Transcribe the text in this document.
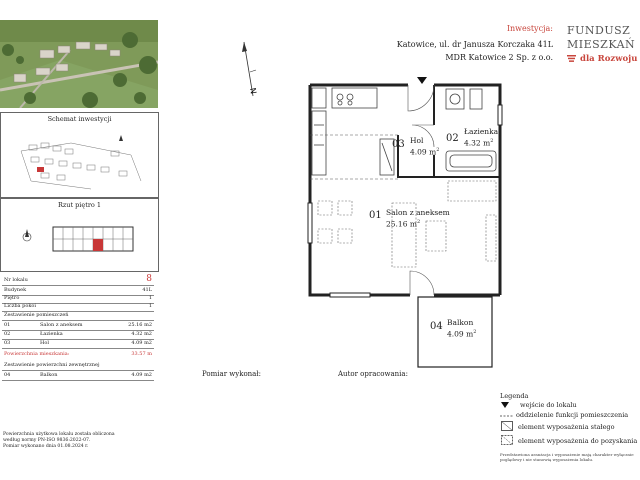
Schemat inwestycji
Rzut piętro 1
Nr lokalu	8
Budynek	41L
Piętro	1
Liczba pokoi	1
Zestawienie pomieszczeń
01	Salon z aneksem	25.16 m2
02	Łazienka	4.32 m2
03	Hol	4.09 m2
Powierzchnia mieszkania:	33.57 m
Zestawienie powierzchni zewnętrznej
04	Balkon	4.09 m2
Powierzchnia użytkowa lokalu została obliczona
według normy PN-ISO 9836:2022-07.
Pomiar wykonano dnia 01.08.2024 r.
Inwestycja:
Katowice, ul. dr Janusza Korczaka 41L
MDR Katowice 2 Sp. z o.o.
FUNDUSZ
MIESZKAŃ
dla Rozwoju
N
01 Salon z aneksem
25.16 $m^2$
02
Łazienka
4.32 $m^2$
03 Hol
4.09 $m^2$
04 Balkon
4.09 $m^2$
Pomiar wykonał:	Autor opracowania:
Legenda
wejście do lokalu
oddzielenie funkcji pomieszczenia
element wyposażenia stałego
element wyposażenia do pozyskania
Przedstawiona aranżacja i wyposażenie mają charakter wyłącznie poglądowy i nie stanowią wyposażenia lokalu.
